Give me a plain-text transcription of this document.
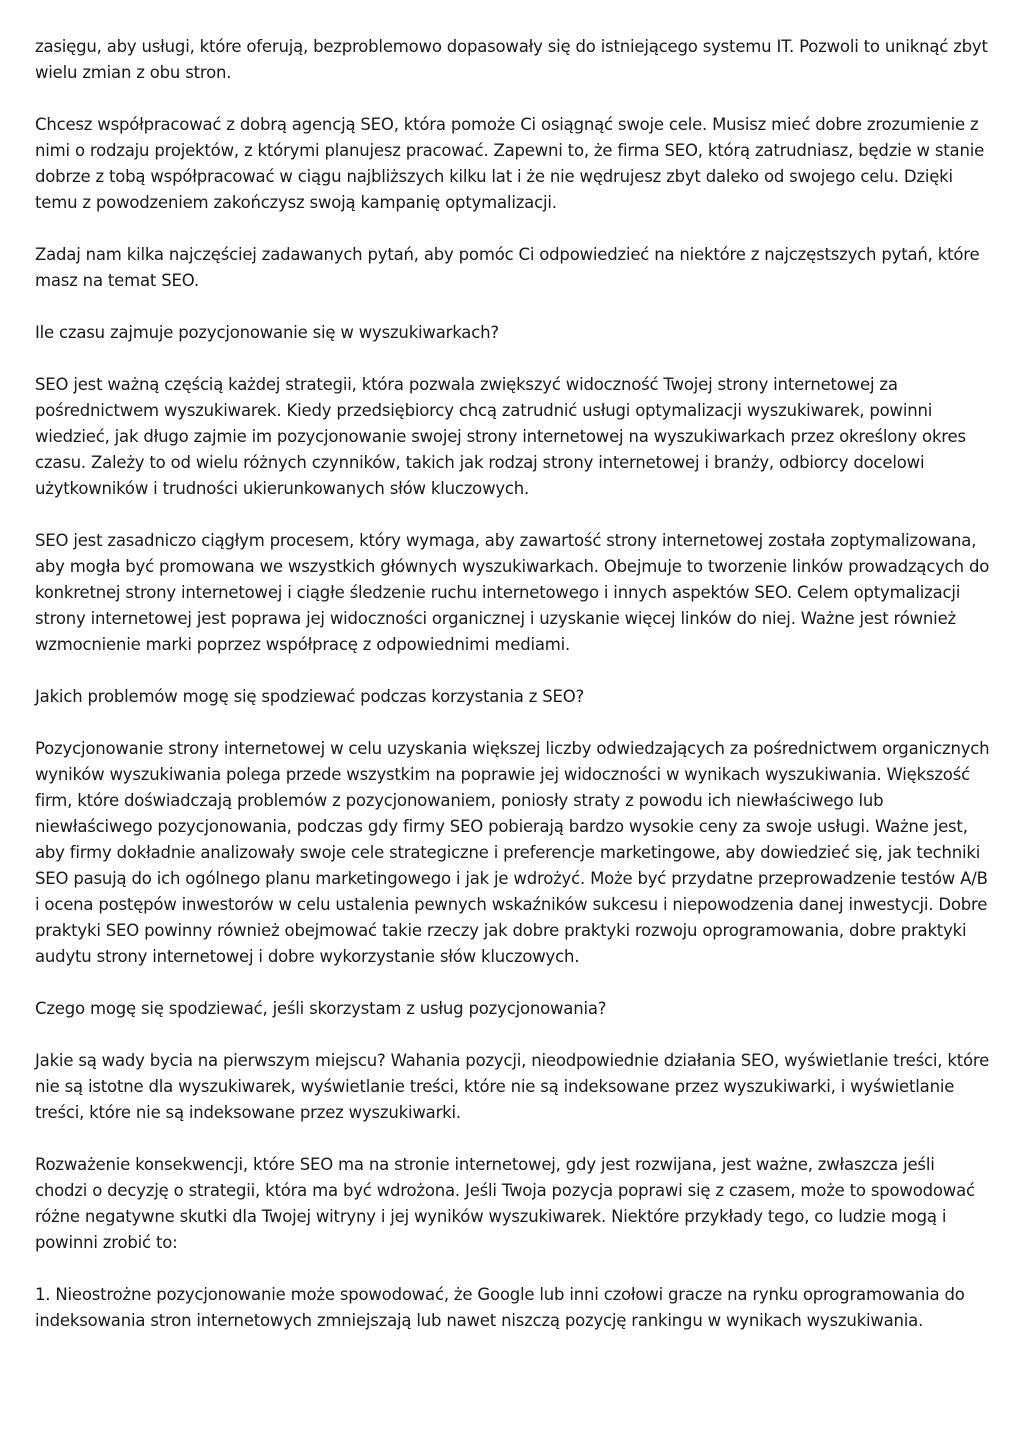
zasięgu, aby usługi, które oferują, bezproblemowo dopasowały się do istniejącego systemu IT. Pozwoli to uniknąć zbyt wielu zmian z obu stron.

Chcesz współpracować z dobrą agencją SEO, która pomoże Ci osiągnąć swoje cele. Musisz mieć dobre zrozumienie z nimi o rodzaju projektów, z którymi planujesz pracować. Zapewni to, że firma SEO, którą zatrudniasz, będzie w stanie dobrze z tobą współpracować w ciągu najbliższych kilku lat i że nie wędrujesz zbyt daleko od swojego celu. Dzięki temu z powodzeniem zakończysz swoją kampanię optymalizacji.

Zadaj nam kilka najczęściej zadawanych pytań, aby pomóc Ci odpowiedzieć na niektóre z najczęstszych pytań, które masz na temat SEO.

Ile czasu zajmuje pozycjonowanie się w wyszukiwarkach?

SEO jest ważną częścią każdej strategii, która pozwala zwiększyć widoczność Twojej strony internetowej za pośrednictwem wyszukiwarek. Kiedy przedsiębiorcy chcą zatrudnić usługi optymalizacji wyszukiwarek, powinni wiedzieć, jak długo zajmie im pozycjonowanie swojej strony internetowej na wyszukiwarkach przez określony okres czasu. Zależy to od wielu różnych czynników, takich jak rodzaj strony internetowej i branży, odbiorcy docelowi użytkowników i trudności ukierunkowanych słów kluczowych.

SEO jest zasadniczo ciągłym procesem, który wymaga, aby zawartość strony internetowej została zoptymalizowana, aby mogła być promowana we wszystkich głównych wyszukiwarkach. Obejmuje to tworzenie linków prowadzących do konkretnej strony internetowej i ciągłe śledzenie ruchu internetowego i innych aspektów SEO. Celem optymalizacji strony internetowej jest poprawa jej widoczności organicznej i uzyskanie więcej linków do niej. Ważne jest również wzmocnienie marki poprzez współpracę z odpowiednimi mediami.

Jakich problemów mogę się spodziewać podczas korzystania z SEO?

Pozycjonowanie strony internetowej w celu uzyskania większej liczby odwiedzających za pośrednictwem organicznych wyników wyszukiwania polega przede wszystkim na poprawie jej widoczności w wynikach wyszukiwania. Większość firm, które doświadczają problemów z pozycjonowaniem, poniosły straty z powodu ich niewłaściwego lub niewłaściwego pozycjonowania, podczas gdy firmy SEO pobierają bardzo wysokie ceny za swoje usługi. Ważne jest, aby firmy dokładnie analizowały swoje cele strategiczne i preferencje marketingowe, aby dowiedzieć się, jak techniki SEO pasują do ich ogólnego planu marketingowego i jak je wdrożyć. Może być przydatne przeprowadzenie testów A/B i ocena postępów inwestorów w celu ustalenia pewnych wskaźników sukcesu i niepowodzenia danej inwestycji. Dobre praktyki SEO powinny również obejmować takie rzeczy jak dobre praktyki rozwoju oprogramowania, dobre praktyki audytu strony internetowej i dobre wykorzystanie słów kluczowych.

Czego mogę się spodziewać, jeśli skorzystam z usług pozycjonowania?

Jakie są wady bycia na pierwszym miejscu? Wahania pozycji, nieodpowiednie działania SEO, wyświetlanie treści, które nie są istotne dla wyszukiwarek, wyświetlanie treści, które nie są indeksowane przez wyszukiwarki, i wyświetlanie treści, które nie są indeksowane przez wyszukiwarki.

Rozważenie konsekwencji, które SEO ma na stronie internetowej, gdy jest rozwijana, jest ważne, zwłaszcza jeśli chodzi o decyzję o strategii, która ma być wdrożona. Jeśli Twoja pozycja poprawi się z czasem, może to spowodować różne negatywne skutki dla Twojej witryny i jej wyników wyszukiwarek. Niektóre przykłady tego, co ludzie mogą i powinni zrobić to:

1. Nieostrożne pozycjonowanie może spowodować, że Google lub inni czołowi gracze na rynku oprogramowania do indeksowania stron internetowych zmniejszają lub nawet niszczą pozycję rankingu w wynikach wyszukiwania.
